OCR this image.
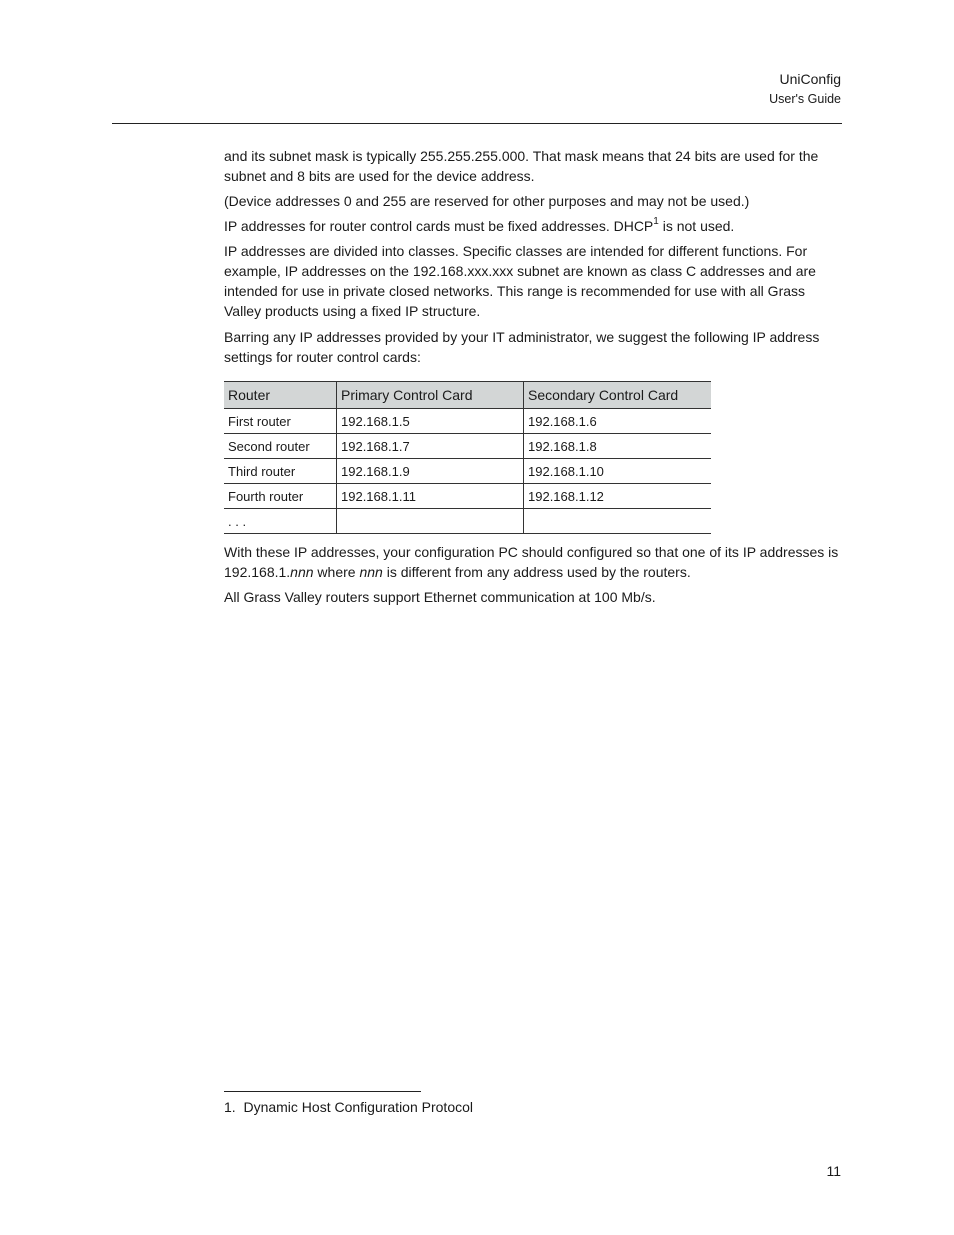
UniConfig
User's Guide

and its subnet mask is typically 255.255.255.000. That mask means that 24 bits are used for the subnet and 8 bits are used for the device address.

(Device addresses 0 and 255 are reserved for other purposes and may not be used.)

IP addresses for router control cards must be fixed addresses. DHCP$^1$ is not used.

IP addresses are divided into classes. Specific classes are intended for different functions. For example, IP addresses on the 192.168.xxx.xxx subnet are known as class C addresses and are intended for use in private closed networks. This range is recommended for use with all Grass Valley products using a fixed IP structure.

Barring any IP addresses provided by your IT administrator, we suggest the following IP address settings for router control cards:

Router	Primary Control Card	Secondary Control Card
First router	192.168.1.5	192.168.1.6
Second router	192.168.1.7	192.168.1.8
Third router	192.168.1.9	192.168.1.10
Fourth router	192.168.1.11	192.168.1.12
. . .		

With these IP addresses, your configuration PC should configured so that one of its IP addresses is 192.168.1.nnn where nnn is different from any address used by the routers.

All Grass Valley routers support Ethernet communication at 100 Mb/s.

1.  Dynamic Host Configuration Protocol
11
